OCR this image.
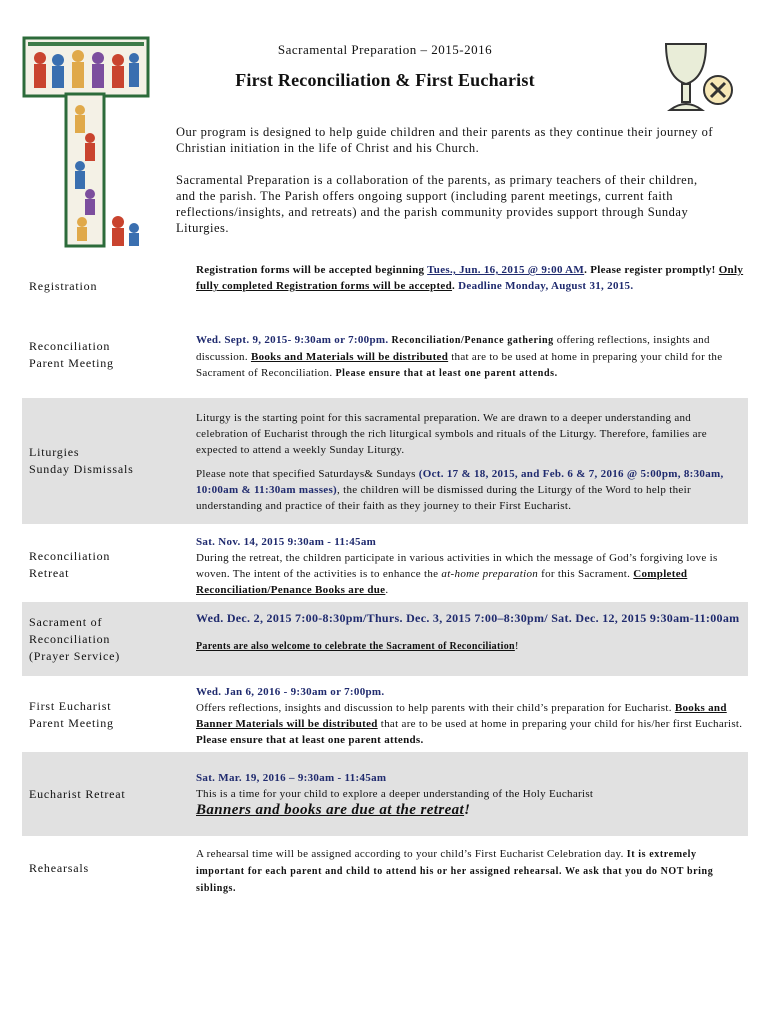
Sacramental Preparation – 2015-2016
First Reconciliation & First Eucharist

Our program is designed to help guide children and their parents as they continue their journey of Christian initiation in the life of Christ and his Church.

Sacramental Preparation is a collaboration of the parents, as primary teachers of their children, and the parish. The Parish offers ongoing support (including parent meetings, current faith reflections/insights, and retreats) and the parish community provides support through Sunday Liturgies.

Registration

Registration forms will be accepted beginning Tues., Jun. 16, 2015 @ 9:00 AM. Please register promptly! Only fully completed Registration forms will be accepted. Deadline Monday, August 31, 2015.

Reconciliation
Parent Meeting

Wed. Sept. 9, 2015- 9:30am or 7:00pm. Reconciliation/Penance gathering offering reflections, insights and discussion. Books and Materials will be distributed that are to be used at home in preparing your child for the Sacrament of Reconciliation. Please ensure that at least one parent attends.

Liturgies
Sunday Dismissals

Liturgy is the starting point for this sacramental preparation. We are drawn to a deeper understanding and celebration of Eucharist through the rich liturgical symbols and rituals of the Liturgy. Therefore, families are expected to attend a weekly Sunday Liturgy.

Please note that specified Saturdays& Sundays (Oct. 17 & 18, 2015, and Feb. 6 & 7, 2016 @ 5:00pm, 8:30am, 10:00am & 11:30am masses), the children will be dismissed during the Liturgy of the Word to help their understanding and practice of their faith as they journey to their First Eucharist.

Reconciliation
Retreat

Sat. Nov. 14, 2015 9:30am - 11:45am

During the retreat, the children participate in various activities in which the message of God’s forgiving love is woven. The intent of the activities is to enhance the at-home preparation for this Sacrament. Completed Reconciliation/Penance Books are due.

Sacrament of
Reconciliation
(Prayer Service)

Wed. Dec. 2, 2015 7:00-8:30pm/Thurs. Dec. 3, 2015 7:00–8:30pm/ Sat. Dec. 12, 2015 9:30am-11:00am

Parents are also welcome to celebrate the Sacrament of Reconciliation!

First Eucharist
Parent Meeting

Wed. Jan 6, 2016 - 9:30am or 7:00pm.

Offers reflections, insights and discussion to help parents with their child’s preparation for Eucharist. Books and Banner Materials will be distributed that are to be used at home in preparing your child for his/her first Eucharist. Please ensure that at least one parent attends.

Eucharist Retreat

Sat. Mar. 19, 2016 – 9:30am - 11:45am

This is a time for your child to explore a deeper understanding of the Holy Eucharist

Banners and books are due at the retreat!

Rehearsals

A rehearsal time will be assigned according to your child’s First Eucharist Celebration day. It is extremely important for each parent and child to attend his or her assigned rehearsal. We ask that you do NOT bring siblings.
